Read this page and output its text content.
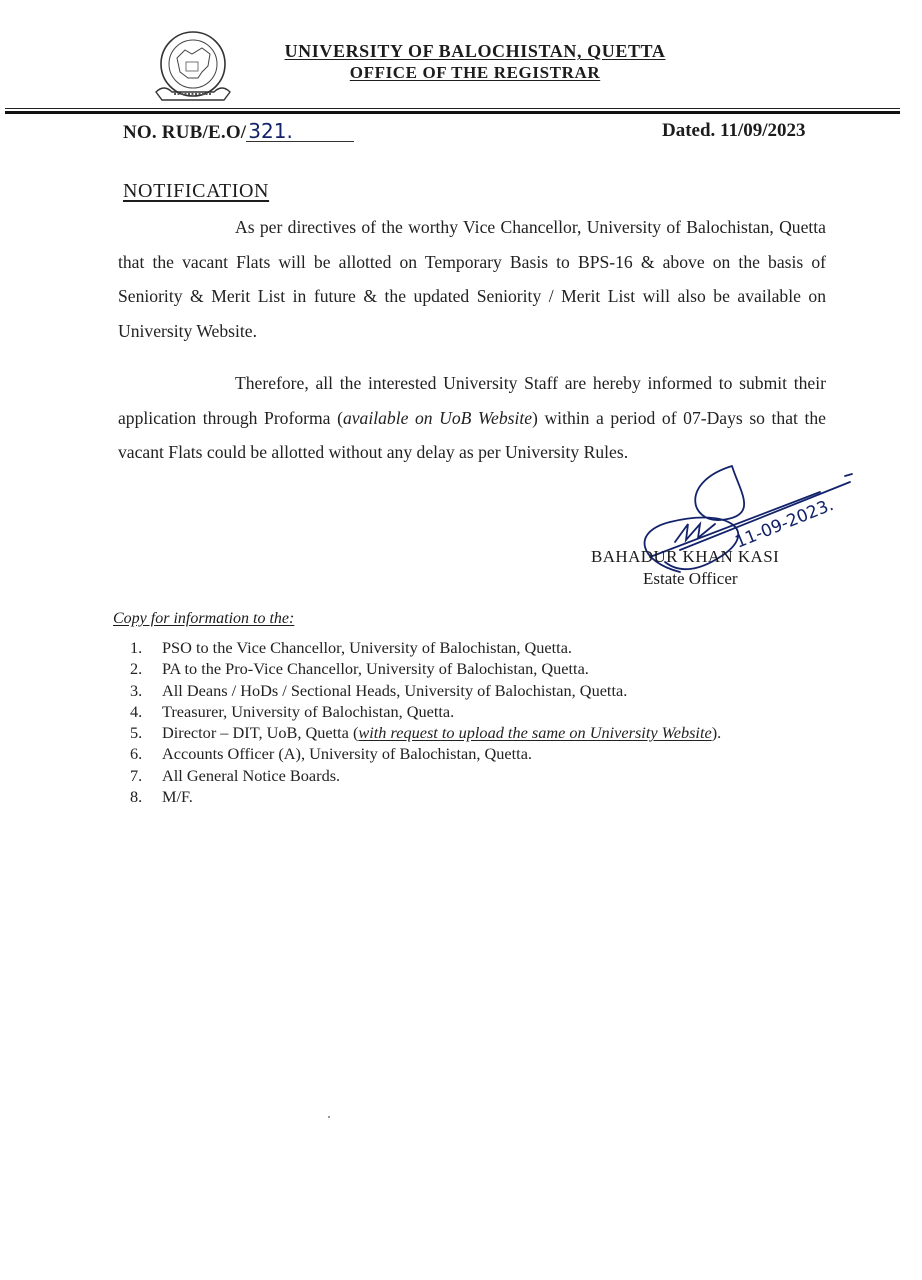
UNIVERSITY OF BALOCHISTAN, QUETTA
OFFICE OF THE REGISTRAR
NO. RUB/E.O/ 321.	Dated. 11/09/2023
NOTIFICATION
As per directives of the worthy Vice Chancellor, University of Balochistan, Quetta that the vacant Flats will be allotted on Temporary Basis to BPS-16 & above on the basis of Seniority & Merit List in future & the updated Seniority / Merit List will also be available on University Website.
Therefore, all the interested University Staff are hereby informed to submit their application through Proforma (available on UoB Website) within a period of 07-Days so that the vacant Flats could be allotted without any delay as per University Rules.
11-09-2023.
BAHADUR KHAN KASI
Estate Officer
Copy for information to the:
1. PSO to the Vice Chancellor, University of Balochistan, Quetta.
2. PA to the Pro-Vice Chancellor, University of Balochistan, Quetta.
3. All Deans / HoDs / Sectional Heads, University of Balochistan, Quetta.
4. Treasurer, University of Balochistan, Quetta.
5. Director – DIT, UoB, Quetta (with request to upload the same on University Website).
6. Accounts Officer (A), University of Balochistan, Quetta.
7. All General Notice Boards.
8. M/F.
